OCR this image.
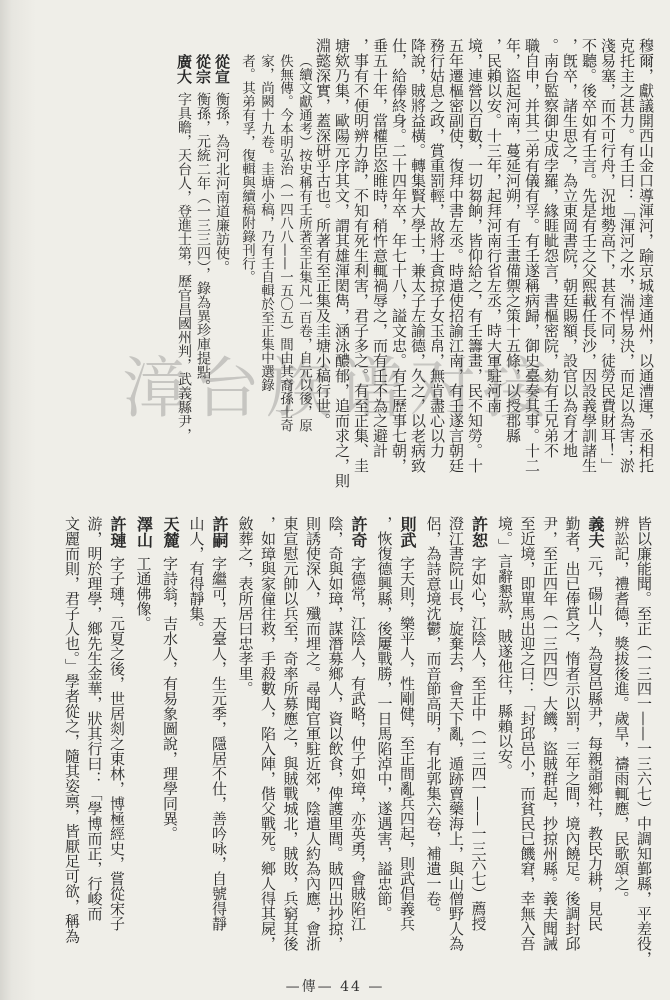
穆爾，獻議開西山金口導渾河，踰京城達通州，以通漕運，丞相托
克托主之甚力。有壬曰：「渾河之水，湍悍易決，而足以為害；淤
淺易塞，而不可行舟，況地勢高下，甚有不同，徒勞民費財耳！」
不聽。後卒如有壬言。先是有壬之父熙載任長沙，因設義學訓諸生
，旣卒，諸生思之，為立東岡書院，朝廷賜額，設官以為育才地
。南台監察御史成孛羅，緣睚眦怨言，書樞密院，劾有壬兄弟不
職自申，并其二弟有儀有孚。有壬遂稱病歸，御史臺奏其事。十二
年，盜起河南，蔓延河朔，有壬畫備禦之策十五條，以授郡縣
，民賴以安。十三年，起拜河南行省左丞，時大軍駐河南
境，連營以百數，一切芻餉，皆仰給之，有壬籌畫，民不知勞。十
五年遷樞密副使，復拜中書左丞。時遣使招諭江南，有壬遂言朝廷
務行姑息之政，賞重罰輕，故將士貪掠子女玉帛，無肯盡心以力
降說，賊將益橫。轉集賢大學士，兼太子左諭德，久之，以老病致
仕，給俸終身。二十四年卒，年七十八，謚文忠。有壬歷事七朝，
垂五十年，當權臣恣睢時，稍忤意輒禍辱之，而有壬不為之避計
，事有不便明辨力諍，不知有死生利害，君子多之。有至正集、圭
塘欸乃集，歐陽元序其文，謂其雄渾閎雋，涵泳醲郁，追而求之，則
淵懿深實，蓋深研乎古也。所著有至正集及圭塘小稿行世。
（續文獻通考）按史稱有壬所著至正集凡一百卷，自元以後，原
佚無傳。今本明弘治（一四八八——一五〇五）間由其裔孫士奇
家，尚闕十九卷。圭塘小稿，乃有壬自輯於至正集中選錄
者。其弟有孚，復輯與續稿附錄刊行。
從宣衡孫，為河北河南道廉訪使。
從宗衡孫，元統二年（一三三四），錄為異珍庫提點。
廣大字具瞻，天台人，登進士第，歷官昌國州判，武義縣尹，
皆以廉能聞。至正（一三四一——一三六七）中調知鄞縣，平差役，
辨訟記，禮耆德，獎拔後進。歲旱，禱雨輒應，民歌頌之。
義夫元，碭山人，為夏邑縣尹，每親詣鄉社，教民力耕，見民
勤者，出已俸賞之，惰者示以罰，三年之間，境內饒足。後調封邱
尹，至正四年（一三四四）大饑，盜賊群起，抄掠州縣。義夫聞誡
至近境，即單馬出迎之曰：「封邱邑小，而貧民已饑窘，幸無入吾
境。」言辭懇款，賊遂他往，縣賴以安。
許恕字如心，江陰人，至正中（一三四一——一三六七）薦授
澄江書院山長，旋棄去，會天下亂，遁跡賣藥海上，與山僧野人為
侶，為詩意境沈鬱，而音節高明，有北郭集六卷，補遺一卷。
則武字天則，樂平人，性剛健，至正間亂兵四起，則武倡義兵
，恢復德興縣，後屢戰勝，一日馬陷淖中，遂遇害，謚忠節。
許奇字德常，江陰人，有武略，仲子如璋，亦英勇，會賊陷江
陰，奇與如璋，謀潛募鄉人，資以飲食，俾護里閭。賊四出抄掠，
則誘使深入，殲而埋之。尋聞官軍駐近郊，陰遣人約為內應，會浙
東宣慰元帥以兵至，奇率所募應之，與賊戰城北，賊敗，兵窮其後
，如璋與家僮往救，手殺數人，陷入陣，偕父戰死。鄉人得其屍，
斂葬之，表所居曰忠孝里。
許嗣字繼可，天臺人，生元季，隱居不仕，善吟咏，自號得靜
山人，有得靜集。
天麓字詩翁，吉水人，有易象圖說，理學同異。
澤山工通佛像。
許璉字子璉，元夏之後，世居剡之東林，博極經史，嘗從宋子
游，明於理學，鄉先生金華，狀其行曰：「學博而正，行峻而
文麗而則，君子人也。」學者從之，隨其姿禀，皆厭足可欲，稱為
漳台族谱对接
—傳— 44 —
